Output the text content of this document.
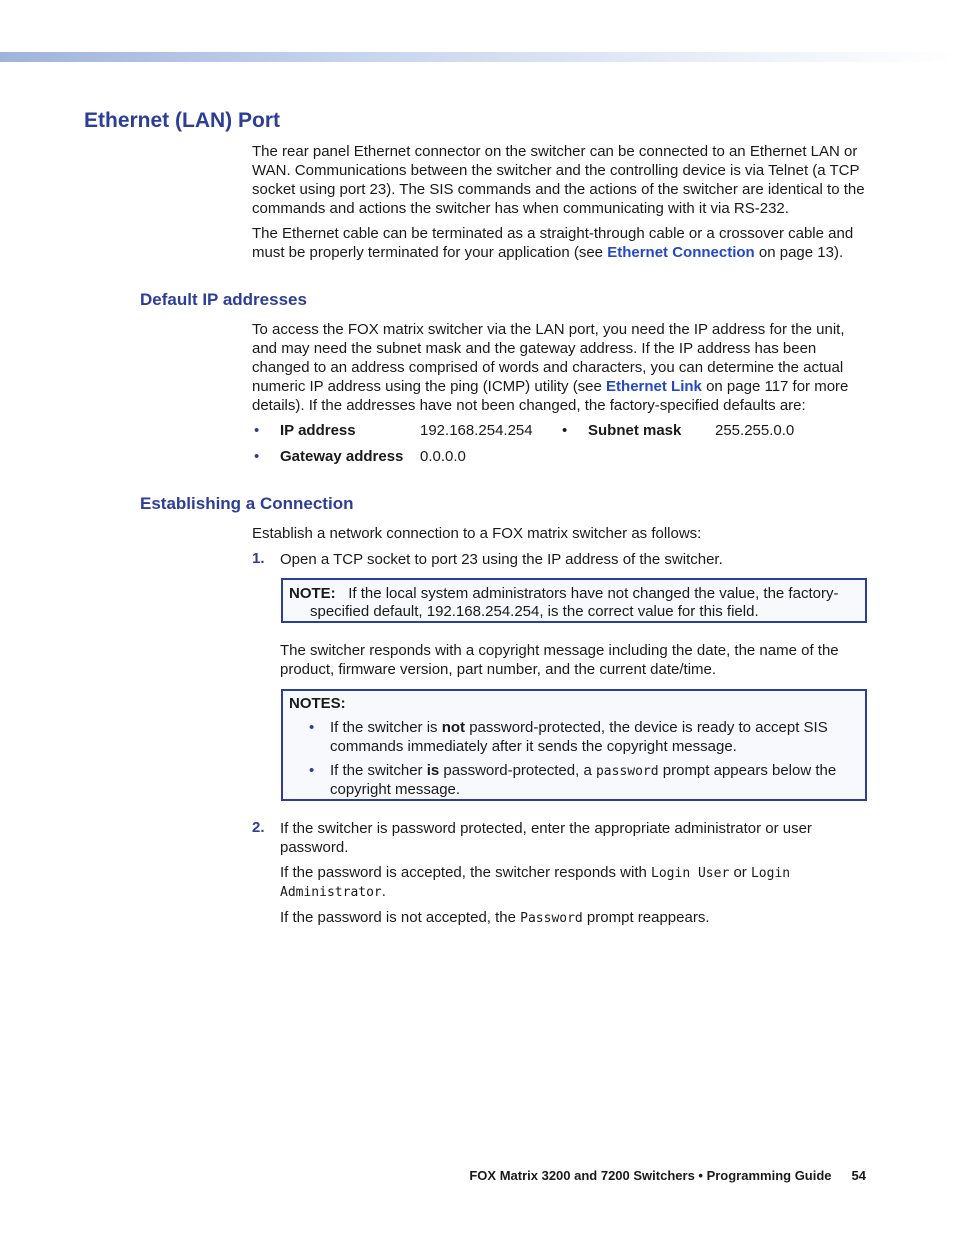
Ethernet (LAN) Port

The rear panel Ethernet connector on the switcher can be connected to an Ethernet LAN or WAN. Communications between the switcher and the controlling device is via Telnet (a TCP socket using port 23). The SIS commands and the actions of the switcher are identical to the commands and actions the switcher has when communicating with it via RS-232.

The Ethernet cable can be terminated as a straight-through cable or a crossover cable and must be properly terminated for your application (see Ethernet Connection on page 13).

Default IP addresses

To access the FOX matrix switcher via the LAN port, you need the IP address for the unit, and may need the subnet mask and the gateway address. If the IP address has been changed to an address comprised of words and characters, you can determine the actual numeric IP address using the ping (ICMP) utility (see Ethernet Link on page 117 for more details). If the addresses have not been changed, the factory-specified defaults are:

• IP address	192.168.254.254 • Subnet mask 255.255.0.0
• Gateway address 0.0.0.0
Establishing a Connection

Establish a network connection to a FOX matrix switcher as follows:

1. Open a TCP socket to port 23 using the IP address of the switcher.

NOTE: If the local system administrators have not changed the value, the factory-
specified default, 192.168.254.254, is the correct value for this field.

The switcher responds with a copyright message including the date, the name of the product, firmware version, part number, and the current date/time.

NOTES:
• If the switcher is not password-protected, the device is ready to accept SIS
commands immediately after it sends the copyright message.
• If the switcher is password-protected, a password prompt appears below the
copyright message.
2. If the switcher is password protected, enter the appropriate administrator or user password.

If the password is accepted, the switcher responds with Login User or Login
Administrator.
If the password is not accepted, the Password prompt reappears.
FOX Matrix 3200 and 7200 Switchers • Programming Guide 54
